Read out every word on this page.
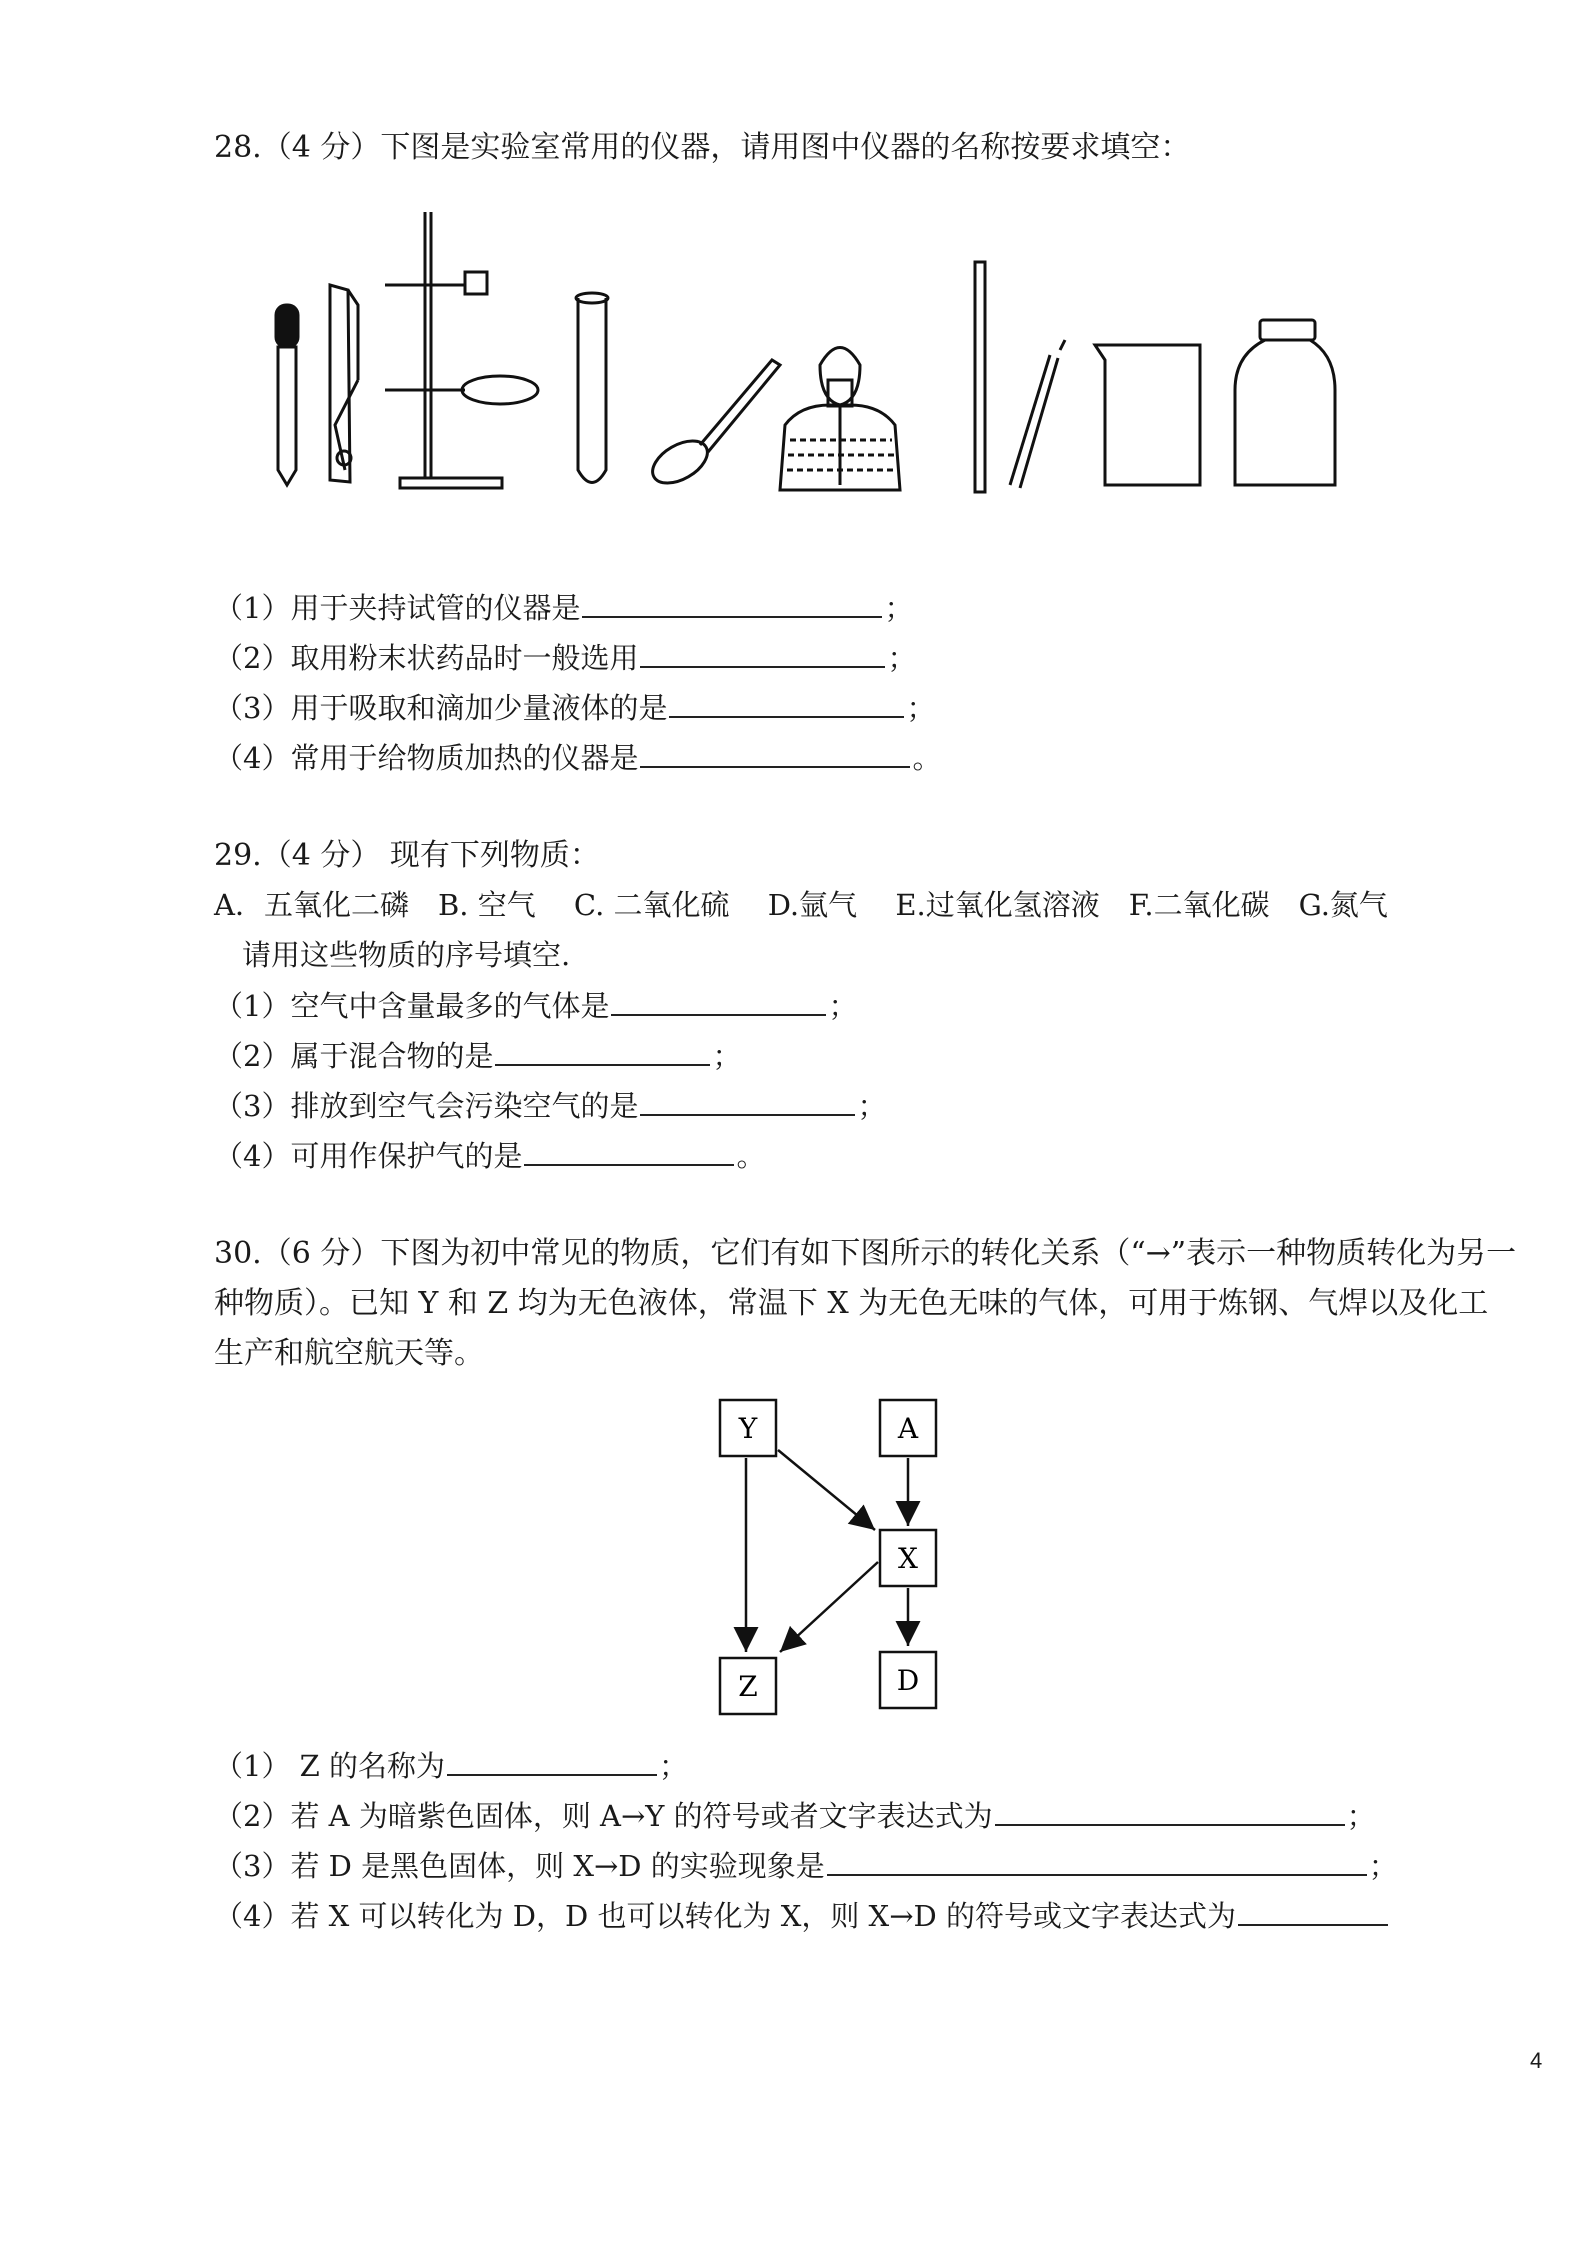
28.（4 分）下图是实验室常用的仪器，请用图中仪器的名称按要求填空：
（1）用于夹持试管的仪器是	；
（2）取用粉末状药品时一般选用	；
（3）用于吸取和滴加少量液体的是	；
（4）常用于给物质加热的仪器是	。
29.（4 分） 现有下列物质：
A．五氧化二磷　B. 空气　 C. 二氧化硫　 D.氩气　 E.过氧化氢溶液　F.二氧化碳　G.氮气
请用这些物质的序号填空.
（1）空气中含量最多的气体是	；
（2）属于混合物的是	；
（3）排放到空气会污染空气的是	；
（4）可用作保护气的是	。
30.（6 分）下图为初中常见的物质，它们有如下图所示的转化关系（“→”表示一种物质转化为另一
种物质）。已知 Y 和 Z 均为无色液体，常温下 X 为无色无味的气体，可用于炼钢、气焊以及化工
生产和航空航天等。
Y	A
X
Z	D
（1） Z 的名称为	；
（2）若 A 为暗紫色固体，则 A→Y 的符号或者文字表达式为	；
（3）若 D 是黑色固体，则 X→D 的实验现象是	；
（4）若 X 可以转化为 D，D 也可以转化为 X，则 X→D 的符号或文字表达式为
4
